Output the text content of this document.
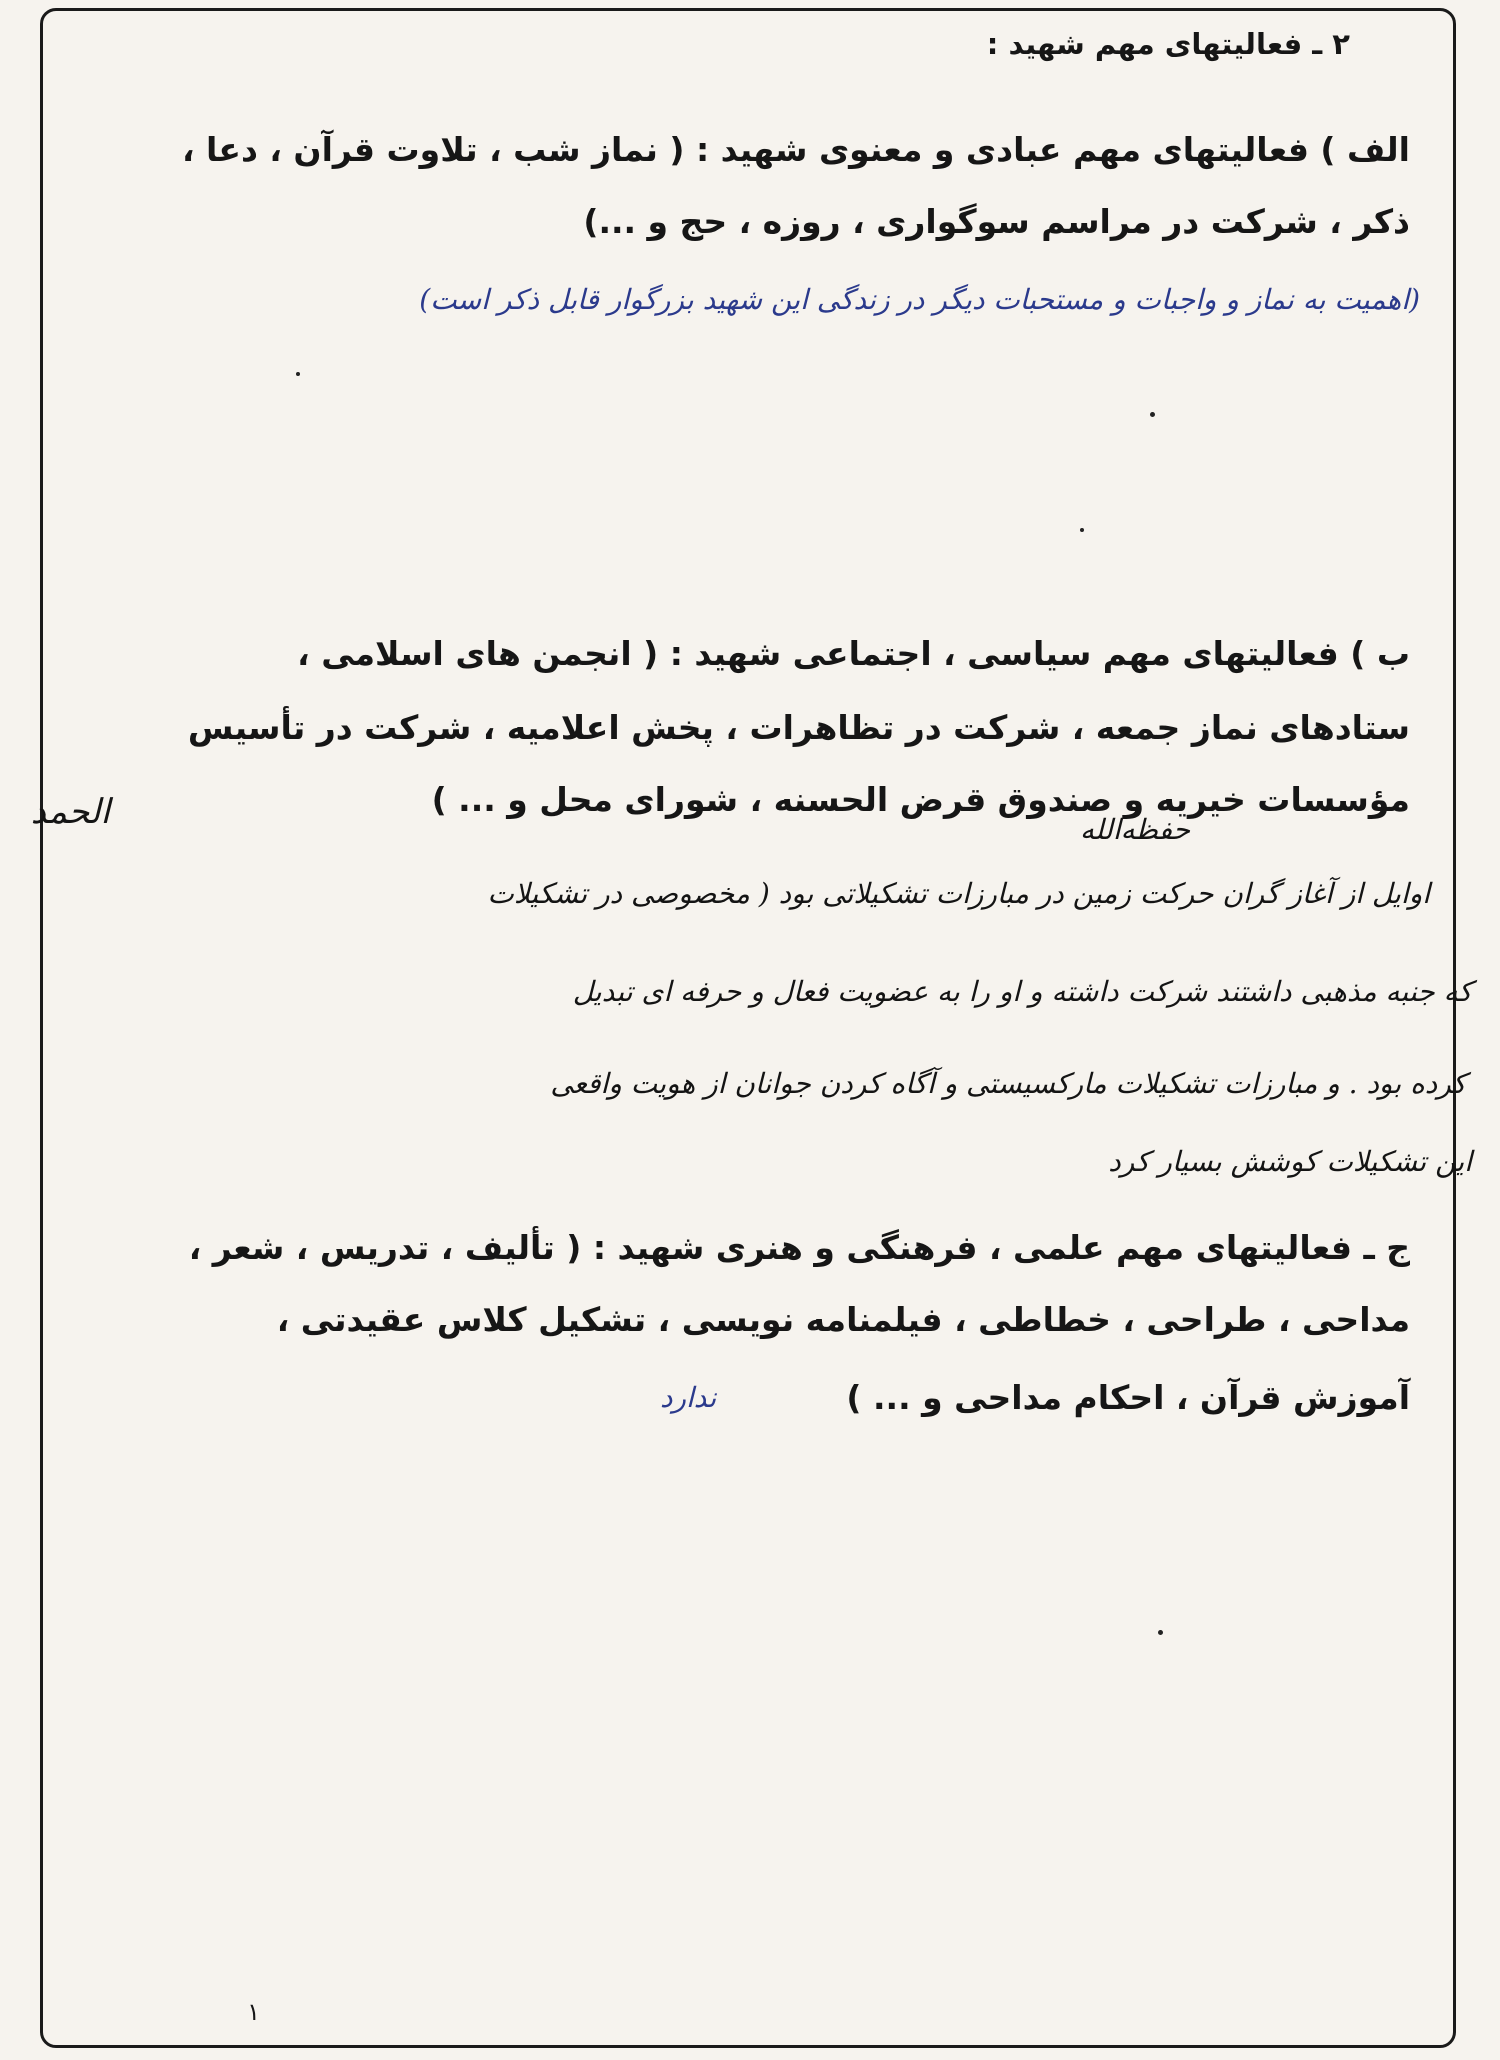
۲ ـ فعالیتهای مهم شهید :
الف ) فعالیتهای مهم عبادی و معنوی شهید : ( نماز شب ، تلاوت قرآن ، دعا ،
ذکر ، شرکت در مراسم سوگواری ، روزه ، حج و ...)
(اهمیت به نماز و واجبات و مستحبات دیگر در زندگی این شهید بزرگوار قابل ذکر است)
ب ) فعالیتهای مهم سیاسی ، اجتماعی شهید : ( انجمن های اسلامی ،
ستادهای نماز جمعه ، شرکت در تظاهرات ، پخش اعلامیه ، شرکت در تأسیس
مؤسسات خیریه و صندوق قرض الحسنه ، شورای محل و ... )
الحمد	حفظه‌الله
اوایل از آغاز گران حرکت زمین در مبارزات تشکیلاتی بود ( مخصوصی در تشکیلات
که جنبه مذهبی داشتند شرکت داشته و او را به عضویت فعال و حرفه ای تبدیل
کرده بود . و مبارزات تشکیلات مارکسیستی و آگاه کردن جوانان از هویت واقعی
این تشکیلات کوشش بسیار کرد
ج ـ فعالیتهای مهم علمی ، فرهنگی و هنری شهید : ( تألیف ، تدریس ، شعر ،
مداحی ، طراحی ، خطاطی ، فیلمنامه نویسی ، تشکیل کلاس عقیدتی ،
آموزش قرآن ، احکام مداحی و ... )
ندارد
۱
